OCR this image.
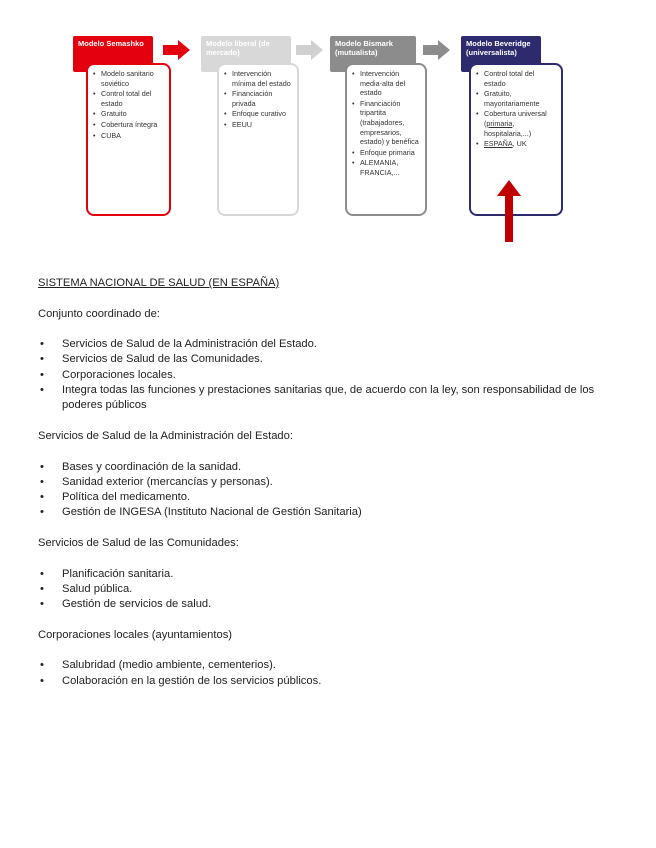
Modelo Semashko
• Modelo sanitario soviético
• Control total del estado
• Gratuito
• Cobertura íntegra
• CUBA
Modelo liberal (de mercado)
• Intervención mínima del estado
• Financiación privada
• Enfoque curativo
• EEUU
Modelo Bismark (mutualista)
• Intervención media-alta del estado
• Financiación tripartita (trabajadores, empresarios, estado) y benéfica
• Enfoque primaria
• ALEMANIA, FRANCIA,...
Modelo Beveridge (universalista)
• Control total del estado
• Gratuito, mayoritariamente
• Cobertura universal (primaria, hospitalaria,...)
• ESPAÑA, UK

SISTEMA NACIONAL DE SALUD (EN ESPAÑA)

Conjunto coordinado de:

• Servicios de Salud de la Administración del Estado.
• Servicios de Salud de las Comunidades.
• Corporaciones locales.
• Integra todas las funciones y prestaciones sanitarias que, de acuerdo con la ley, son responsabilidad de los poderes públicos

Servicios de Salud de la Administración del Estado:

• Bases y coordinación de la sanidad.
• Sanidad exterior (mercancías y personas).
• Política del medicamento.
• Gestión de INGESA (Instituto Nacional de Gestión Sanitaria)

Servicios de Salud de las Comunidades:

• Planificación sanitaria.
• Salud pública.
• Gestión de servicios de salud.

Corporaciones locales (ayuntamientos)

• Salubridad (medio ambiente, cementerios).
• Colaboración en la gestión de los servicios públicos.
